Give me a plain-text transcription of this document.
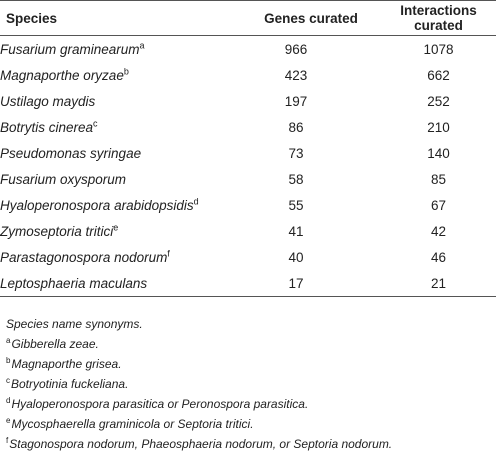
Species	Genes curated	Interactions curated
Fusarium graminearum$^a$	966	1078
Magnaporthe oryzae$^b$	423	662
Ustilago maydis	197	252
Botrytis cinerea$^c$	86	210
Pseudomonas syringae	73	140
Fusarium oxysporum	58	85
Hyaloperonospora arabidopsidis$^d$	55	67
Zymoseptoria tritici$^e$	41	42
Parastagonospora nodorum$^f$	40	46
Leptosphaeria maculans	17	21
Species name synonyms.
$^a$Gibberella zeae.
$^b$Magnaporthe grisea.
$^c$Botryotinia fuckeliana.
$^d$Hyaloperonospora parasitica or Peronospora parasitica.
$^e$Mycosphaerella graminicola or Septoria tritici.
$^f$Stagonospora nodorum, Phaeosphaeria nodorum, or Septoria nodorum.
